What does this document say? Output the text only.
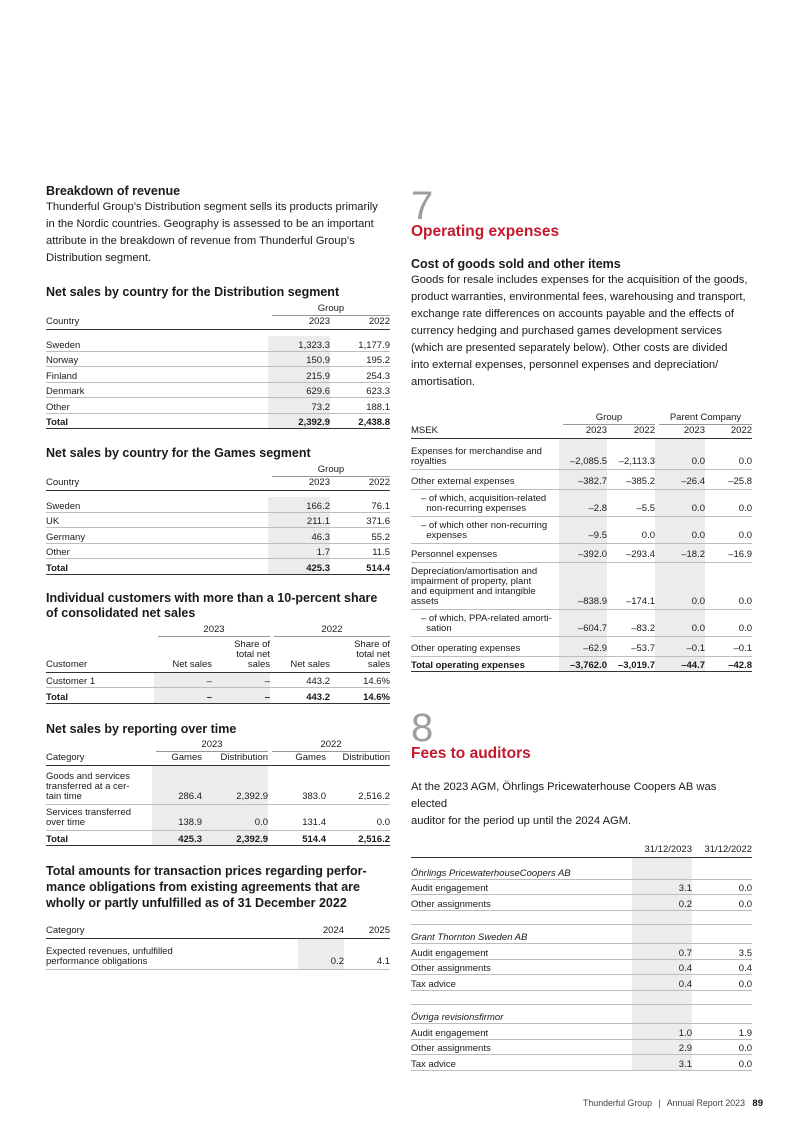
Breakdown of revenue

Thunderful Group’s Distribution segment sells its products primarily
in the Nordic countries. Geography is assessed to be an important
attribute in the breakdown of revenue from Thunderful Group’s
Distribution segment.

Net sales by country for the Distribution segment

	Group	

Country	2023	2022

Sweden	1,323.3	1,177.9
Norway	150.9	195.2
Finland	215.9	254.3
Denmark	629.6	623.3
Other	73.2	188.1
Total	2,392.9	2,438.8
Net sales by country for the Games segment

	Group	

Country	2023	2022

Sweden	166.2	76.1
UK	211.1	371.6
Germany	46.3	55.2
Other	1.7	11.5
Total	425.3	514.4
Individual customers with more than a 10-percent share
of consolidated net sales

	2023		2022	

Customer	Net sales	Share of
total net
sales	Net sales	Share of
total net
sales

Customer 1	–	–	443.2	14.6%
Total	–	–	443.2	14.6%
Net sales by reporting over time

	2023		2022	

Category	Games	Distribution	Games	Distribution

Goods and services
transferred at a cer-
tain time	286.4	2,392.9	383.0	2,516.2

Services transferred
over time	138.9	0.0	131.4	0.0
Total	425.3	2,392.9	514.4	2,516.2
Total amounts for transaction prices regarding perfor-
mance obligations from existing agreements that are
wholly or partly unfulfilled as of 31 December 2022
Category	2024	2025

Expected revenues, unfulfilled
performance obligations	0.2	4.1
7
Operating expenses
Cost of goods sold and other items

Goods for resale includes expenses for the acquisition of the goods,
product warranties, environmental fees, warehousing and transport,
exchange rate differences on accounts payable and the effects of
currency hedging and purchased games development services
(which are presented separately below). Other costs are divided
into external expenses, personnel expenses and depreciation/
amortisation.

	Group		Parent Company	

MSEK	2023	2022	2023	2022

Expenses for merchandise and
royalties	–2,085.5	–2,113.3	0.0	0.0

Other external expenses	–382.7	–385.2	–26.4	–25.8

– of which, acquisition-related
non-recurring expenses	–2.8	–5.5	0.0	0.0

– of which other non-recurring
expenses	–9.5	0.0	0.0	0.0

Personnel expenses	–392.0	–293.4	–18.2	–16.9

Depreciation/amortisation and
impairment of property, plant
and equipment and intangible
assets	–838.9	–174.1	0.0	0.0

– of which, PPA-related amorti-
sation	–604.7	–83.2	0.0	0.0

Other operating expenses	–62.9	–53.7	–0.1	–0.1
Total operating expenses	–3,762.0	–3,019.7	–44.7	–42.8
8
Fees to auditors

At the 2023 AGM, Öhrlings Pricewaterhouse Coopers AB was elected
auditor for the period up until the 2024 AGM.

	31/12/2023	31/12/2022
Öhrlings PricewaterhouseCoopers AB		
Audit engagement	3.1	0.0
Other assignments	0.2	0.0

Grant Thornton Sweden AB		
Audit engagement	0.7	3.5
Other assignments	0.4	0.4
Tax advice	0.4	0.0

Övriga revisionsfirmor		
Audit engagement	1.0	1.9
Other assignments	2.9	0.0
Tax advice	3.1	0.0
Thunderful Group | Annual Report 2023 89
